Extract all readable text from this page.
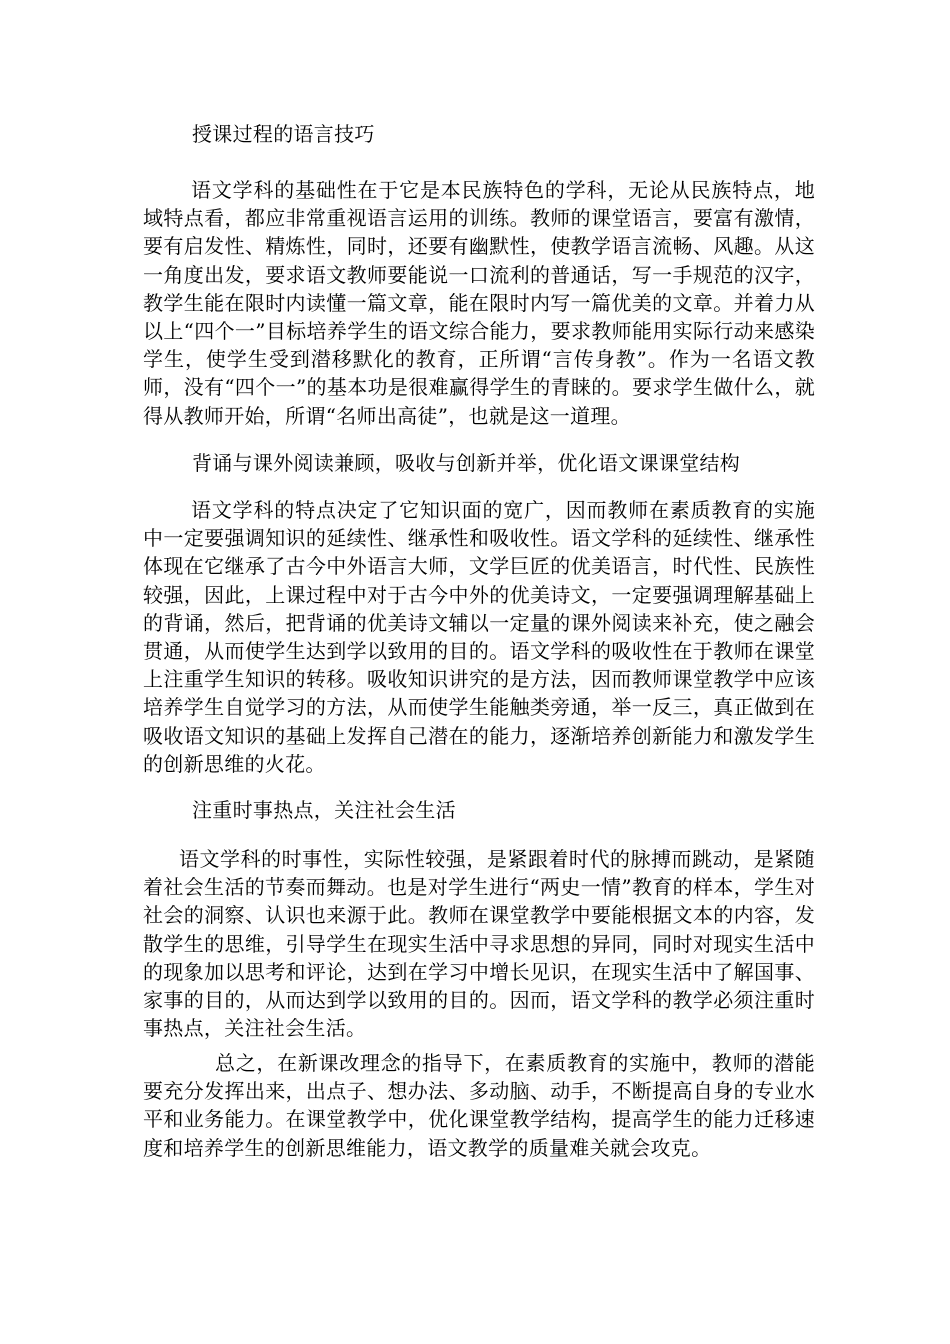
授课过程的语言技巧
语文学科的基础性在于它是本民族特色的学科，无论从民族特点，地域特点看，都应非常重视语言运用的训练。教师的课堂语言，要富有激情，要有启发性、精炼性，同时，还要有幽默性，使教学语言流畅、风趣。从这一角度出发，要求语文教师要能说一口流利的普通话，写一手规范的汉字，教学生能在限时内读懂一篇文章，能在限时内写一篇优美的文章。并着力从以上“四个一”目标培养学生的语文综合能力，要求教师能用实际行动来感染学生，使学生受到潜移默化的教育，正所谓“言传身教”。作为一名语文教师，没有“四个一”的基本功是很难赢得学生的青睐的。要求学生做什么，就得从教师开始，所谓“名师出高徒”，也就是这一道理。
背诵与课外阅读兼顾，吸收与创新并举，优化语文课课堂结构
语文学科的特点决定了它知识面的宽广，因而教师在素质教育的实施中一定要强调知识的延续性、继承性和吸收性。语文学科的延续性、继承性体现在它继承了古今中外语言大师，文学巨匠的优美语言，时代性、民族性较强，因此，上课过程中对于古今中外的优美诗文，一定要强调理解基础上的背诵，然后，把背诵的优美诗文辅以一定量的课外阅读来补充，使之融会贯通，从而使学生达到学以致用的目的。语文学科的吸收性在于教师在课堂上注重学生知识的转移。吸收知识讲究的是方法，因而教师课堂教学中应该培养学生自觉学习的方法，从而使学生能触类旁通，举一反三，真正做到在吸收语文知识的基础上发挥自己潜在的能力，逐渐培养创新能力和激发学生的创新思维的火花。
注重时事热点，关注社会生活
语文学科的时事性，实际性较强，是紧跟着时代的脉搏而跳动，是紧随着社会生活的节奏而舞动。也是对学生进行“两史一情”教育的样本，学生对社会的洞察、认识也来源于此。教师在课堂教学中要能根据文本的内容，发散学生的思维，引导学生在现实生活中寻求思想的异同，同时对现实生活中的现象加以思考和评论，达到在学习中增长见识，在现实生活中了解国事、家事的目的，从而达到学以致用的目的。因而，语文学科的教学必须注重时事热点，关注社会生活。
总之，在新课改理念的指导下，在素质教育的实施中，教师的潜能要充分发挥出来，出点子、想办法、多动脑、动手，不断提高自身的专业水平和业务能力。在课堂教学中，优化课堂教学结构，提高学生的能力迁移速度和培养学生的创新思维能力，语文教学的质量难关就会攻克。
